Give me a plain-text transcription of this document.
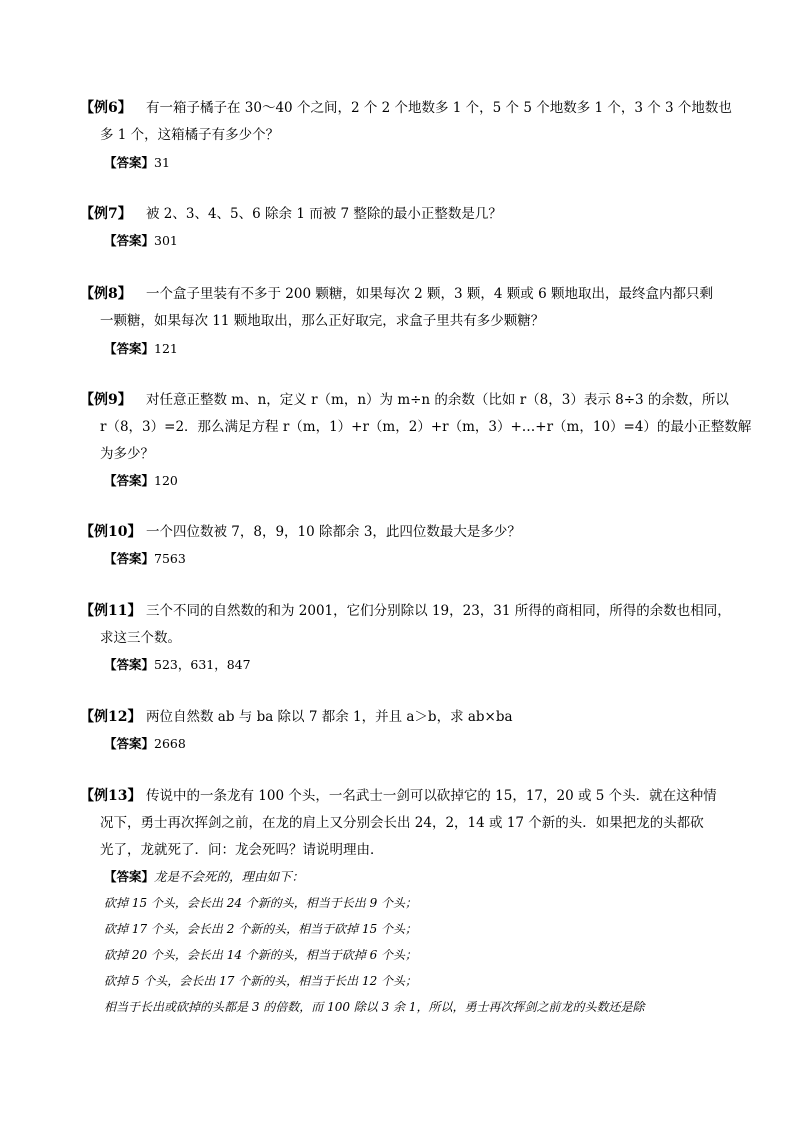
【例6】 有一箱子橘子在 30～40 个之间，2 个 2 个地数多 1 个，5 个 5 个地数多 1 个，3 个 3 个地数也
多 1 个，这箱橘子有多少个？
【答案】31
【例7】 被 2、3、4、5、6 除余 1 而被 7 整除的最小正整数是几？
【答案】301
【例8】 一个盒子里装有不多于 200 颗糖，如果每次 2 颗，3 颗，4 颗或 6 颗地取出，最终盒内都只剩
一颗糖，如果每次 11 颗地取出，那么正好取完，求盒子里共有多少颗糖？
【答案】121
【例9】 对任意正整数 m、n，定义 r（m，n）为 m÷n 的余数（比如 r（8，3）表示 8÷3 的余数，所以
r（8，3）=2．那么满足方程 r（m，1）+r（m，2）+r（m，3）+…+r（m，10）=4）的最小正整数解
为多少？
【答案】120
【例10】 一个四位数被 7，8，9，10 除都余 3，此四位数最大是多少？
【答案】7563
【例11】 三个不同的自然数的和为 2001，它们分别除以 19，23，31 所得的商相同，所得的余数也相同，
求这三个数。
【答案】523，631，847
【例12】 两位自然数 ab 与 ba 除以 7 都余 1，并且 a＞b，求 ab×ba
【答案】2668
【例13】 传说中的一条龙有 100 个头，一名武士一剑可以砍掉它的 15，17，20 或 5 个头．就在这种情
况下，勇士再次挥剑之前，在龙的肩上又分别会长出 24，2，14 或 17 个新的头．如果把龙的头都砍
光了，龙就死了．问：龙会死吗？请说明理由．
【答案】龙是不会死的，理由如下：
砍掉 15 个头，会长出 24 个新的头，相当于长出 9 个头；
砍掉 17 个头，会长出 2 个新的头，相当于砍掉 15 个头；
砍掉 20 个头，会长出 14 个新的头，相当于砍掉 6 个头；
砍掉 5 个头，会长出 17 个新的头，相当于长出 12 个头；
相当于长出或砍掉的头都是 3 的倍数，而 100 除以 3 余 1，所以，勇士再次挥剑之前龙的头数还是除
